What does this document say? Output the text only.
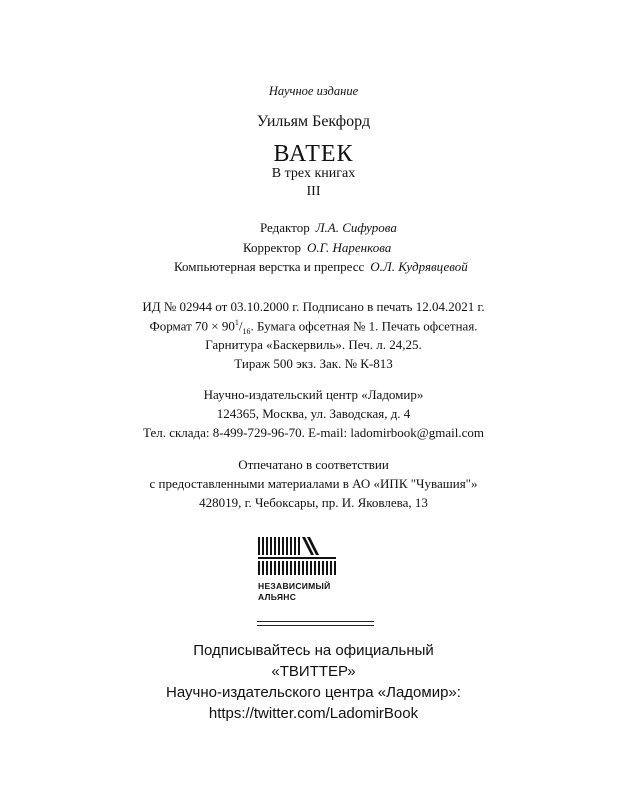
Научное издание
Уильям Бекфорд
ВАТЕК
В трех книгах
III
Редактор Л.А. Сифурова
Корректор О.Г. Наренкова
Компьютерная верстка и препресс О.Л. Кудрявцевой
ИД № 02944 от 03.10.2000 г. Подписано в печать 12.04.2021 г.
Формат $70 \times 90^1/_{16}$. Бумага офсетная № 1. Печать офсетная.
Гарнитура «Баскервиль». Печ. л. 24,25.
Тираж 500 экз. Зак. № К-813
Научно-издательский центр «Ладомир»
124365, Москва, ул. Заводская, д. 4
Тел. склада: 8-499-729-96-70. E-mail: ladomirbook@gmail.com
Отпечатано в соответствии
с предоставленными материалами в АО «ИПК "Чувашия"»
428019, г. Чебоксары, пр. И. Яковлева, 13
НЕЗАВИСИМЫЙ
АЛЬЯНС
Подписывайтесь на официальный
«ТВИТТЕР»
Научно-издательского центра «Ладомир»:
https://twitter.com/LadomirBook
